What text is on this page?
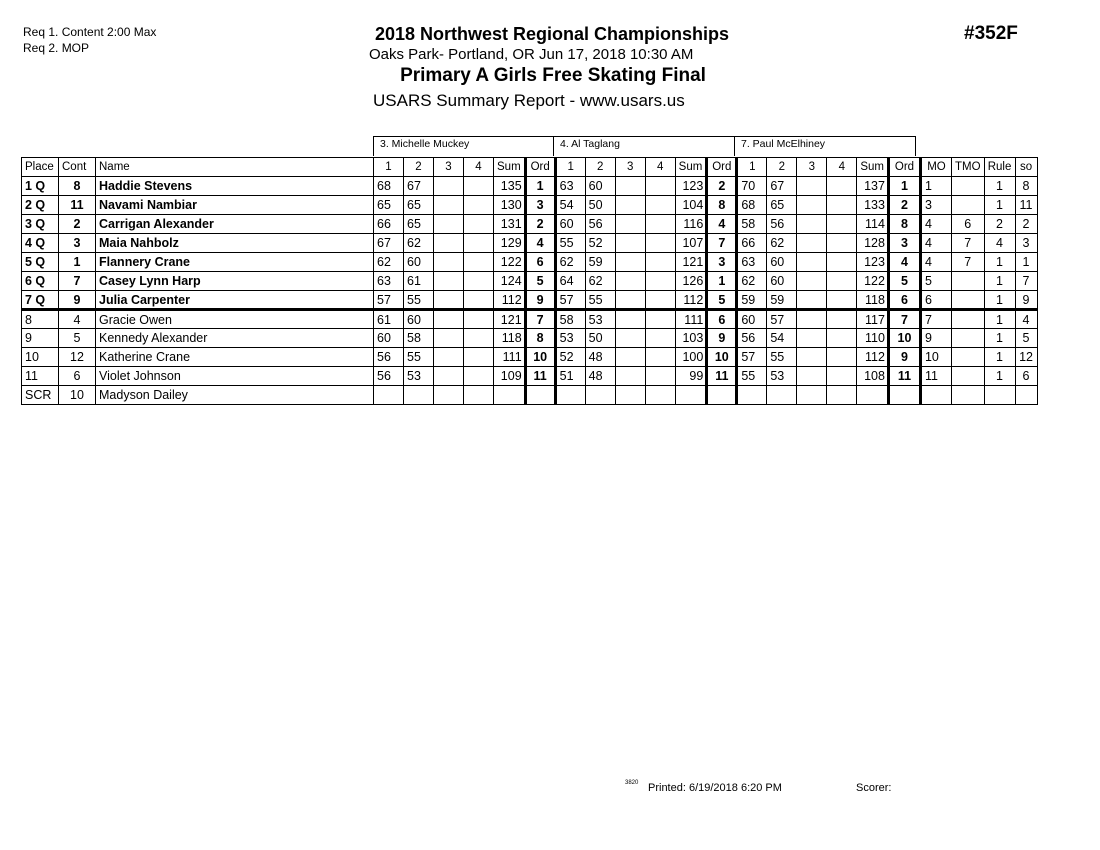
Req 1. Content 2:00 Max
Req 2. MOP
2018 Northwest Regional Championships	#352F
Oaks Park- Portland, OR Jun 17, 2018 10:30 AM
Primary A Girls Free Skating Final
USARS Summary Report - www.usars.us
3. Michelle Muckey	4. Al Taglang	7. Paul McElhiney
Place	Cont	Name	1	2	3	4	Sum	Ord	1	2	3	4	Sum	Ord	1	2	3	4	Sum	Ord	MO	TMO	Rule	so
1 Q	8	Haddie Stevens	68	67			135	1	63	60			123	2	70	67			137	1	1		1	8
2 Q	11	Navami Nambiar	65	65			130	3	54	50			104	8	68	65			133	2	3		1	11
3 Q	2	Carrigan Alexander	66	65			131	2	60	56			116	4	58	56			114	8	4	6	2	2
4 Q	3	Maia Nahbolz	67	62			129	4	55	52			107	7	66	62			128	3	4	7	4	3
5 Q	1	Flannery Crane	62	60			122	6	62	59			121	3	63	60			123	4	4	7	1	1
6 Q	7	Casey Lynn Harp	63	61			124	5	64	62			126	1	62	60			122	5	5		1	7
7 Q	9	Julia Carpenter	57	55			112	9	57	55			112	5	59	59			118	6	6		1	9
8	4	Gracie Owen	61	60			121	7	58	53			111	6	60	57			117	7	7		1	4
9	5	Kennedy Alexander	60	58			118	8	53	50			103	9	56	54			110	10	9		1	5
10	12	Katherine Crane	56	55			111	10	52	48			100	10	57	55			112	9	10		1	12
11	6	Violet Johnson	56	53			109	11	51	48			99	11	55	53			108	11	11		1	6
SCR	10	Madyson Dailey																						
3820 Printed: 6/19/2018 6:20 PM	Scorer:
